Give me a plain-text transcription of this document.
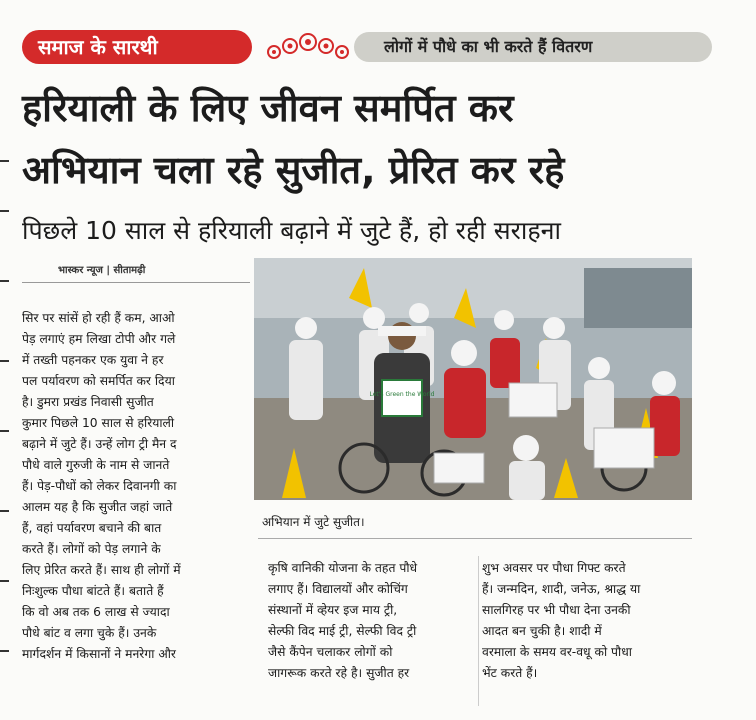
समाज के सारथी	लोगों में पौधे का भी करते हैं वितरण
हरियाली के लिए जीवन समर्पित कर
अभियान चला रहे सुजीत, प्रेरित कर रहे
पिछले 10 साल से हरियाली बढ़ाने में जुटे हैं, हो रही सराहना
भास्कर न्यूज | सीतामढ़ी
सिर पर सांसें हो रही हैं कम, आओ
पेड़ लगाएं हम लिखा टोपी और गले
में तख्ती पहनकर एक युवा ने हर
पल पर्यावरण को समर्पित कर दिया
है। डुमरा प्रखंड निवासी सुजीत
कुमार पिछले 10 साल से हरियाली
बढ़ाने में जुटे हैं। उन्हें लोग ट्री मैन द
पौधे वाले गुरुजी के नाम से जानते
हैं। पेड़-पौधों को लेकर दिवानगी का
आलम यह है कि सुजीत जहां जाते
हैं, वहां पर्यावरण बचाने की बात
करते हैं। लोगों को पेड़ लगाने के
लिए प्रेरित करते हैं। साथ ही लोगों में
निःशुल्क पौधा बांटते हैं। बताते हैं
कि वो अब तक 6 लाख से ज्यादा
पौधे बांट व लगा चुके हैं। उनके
मार्गदर्शन में किसानों ने मनरेगा और
Let's Green the World
अभियान में जुटे सुजीत।
कृषि वानिकी योजना के तहत पौधे
लगाए हैं। विद्यालयों और कोचिंग
संस्थानों में व्हेयर इज माय ट्री,
सेल्फी विद माई ट्री, सेल्फी विद ट्री
जैसे कैंपेन चलाकर लोगों को
जागरूक करते रहे है। सुजीत हर
शुभ अवसर पर पौधा गिफ्ट करते
हैं। जन्मदिन, शादी, जनेऊ, श्राद्ध या
सालगिरह पर भी पौधा देना उनकी
आदत बन चुकी है। शादी में
वरमाला के समय वर-वधू को पौधा
भेंट करते हैं।
